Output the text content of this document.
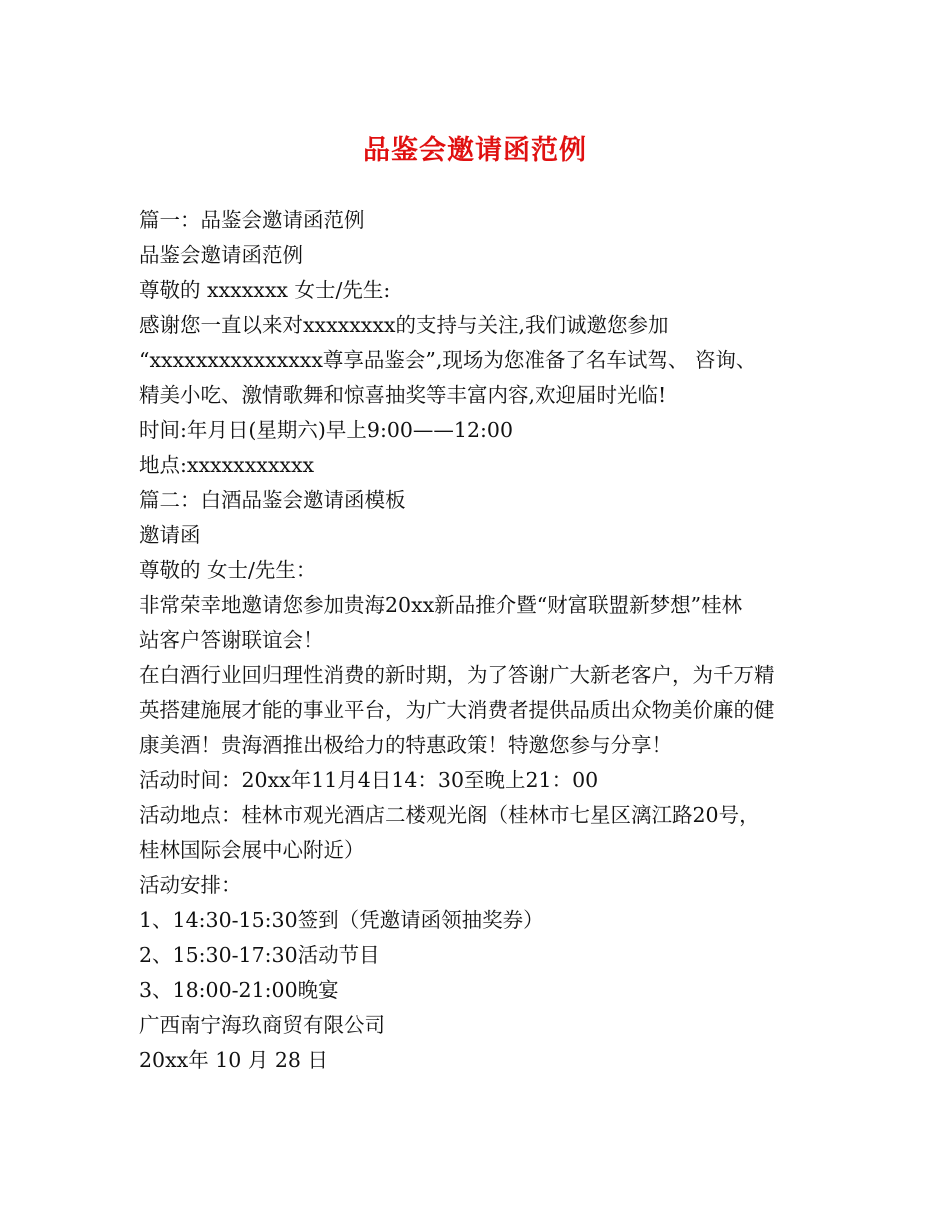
品鉴会邀请函范例
篇一：品鉴会邀请函范例
品鉴会邀请函范例
尊敬的 xxxxxxx 女士/先生:
感谢您一直以来对xxxxxxxx的支持与关注,我们诚邀您参加
“xxxxxxxxxxxxxxx尊享品鉴会”,现场为您准备了名车试驾、 咨询、
精美小吃、激情歌舞和惊喜抽奖等丰富内容,欢迎届时光临!
时间:年月日(星期六)早上9:00——12:00
地点:xxxxxxxxxxx
篇二：白酒品鉴会邀请函模板
邀请函
尊敬的 女士/先生：
非常荣幸地邀请您参加贵海20xx新品推介暨“财富联盟新梦想”桂林
站客户答谢联谊会！
在白酒行业回归理性消费的新时期，为了答谢广大新老客户，为千万精
英搭建施展才能的事业平台，为广大消费者提供品质出众物美价廉的健
康美酒！贵海酒推出极给力的特惠政策！特邀您参与分享！
活动时间：20xx年11月4日14：30至晚上21：00
活动地点：桂林市观光酒店二楼观光阁（桂林市七星区漓江路20号，
桂林国际会展中心附近）
活动安排：
1、14:30-15:30签到（凭邀请函领抽奖券）
2、15:30-17:30活动节目
3、18:00-21:00晚宴
广西南宁海玖商贸有限公司
20xx年 10 月 28 日
